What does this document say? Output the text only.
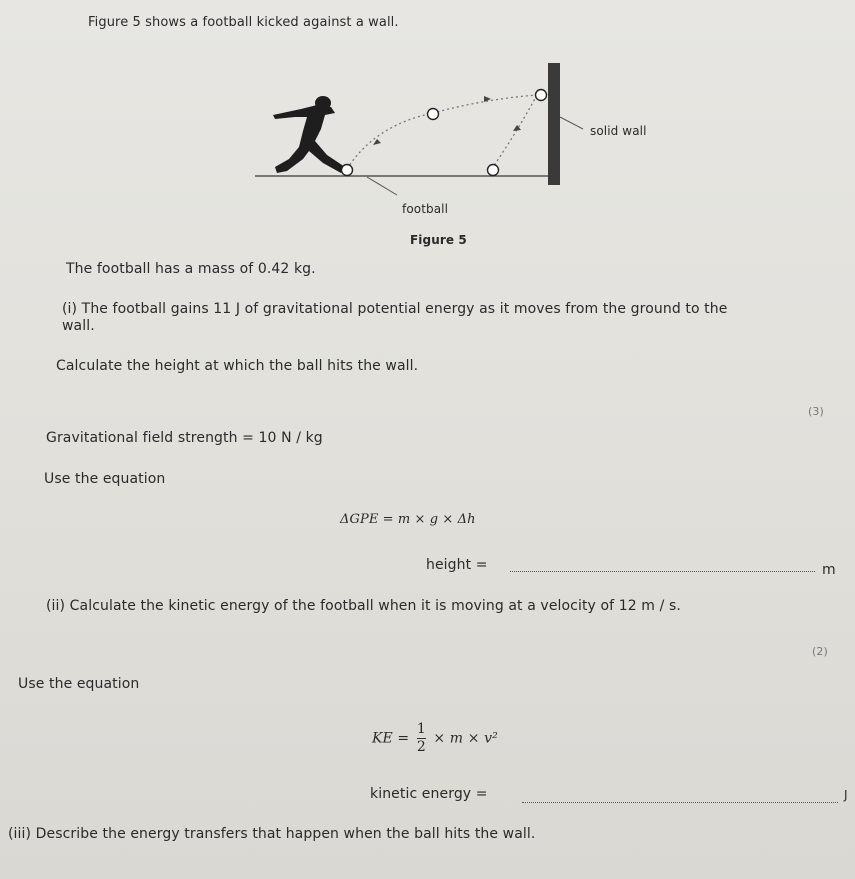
Figure 5 shows a football kicked against a wall.
solid wall
football
Figure 5
The football has a mass of 0.42 kg.
(i) The football gains 11 J of gravitational potential energy as it moves from the ground to the
wall.
Calculate the height at which the ball hits the wall.
(3)
Gravitational field strength = 10 N / kg
Use the equation
ΔGPE = m × g × Δh
height =	m
(ii) Calculate the kinetic energy of the football when it is moving at a velocity of 12 m / s.
(2)
Use the equation
KE = $\frac{1}{2} \times m \times v^2$
kinetic energy =	J
(iii) Describe the energy transfers that happen when the ball hits the wall.
